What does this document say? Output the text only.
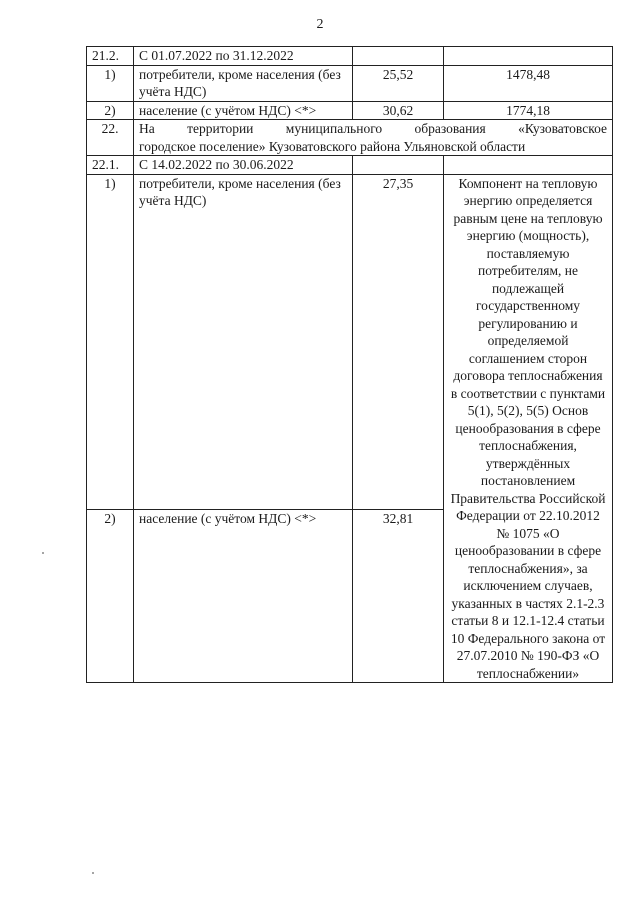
2
21.2.	С 01.07.2022 по 31.12.2022		
1)	потребители, кроме населения (без учёта НДС)	25,52	1478,48
2)	население (с учётом НДС) <*>	30,62	1774,18
22.	На территории муниципального образования «Кузоватовское
городское поселение» Кузоватовского района Ульяновской области		

22.1.	С 14.02.2022 по 30.06.2022		
1)	потребители, кроме населения (без учёта НДС)	27,35	Компонент на тепловую энергию определяется равным цене на тепловую энергию (мощность), поставляемую потребителям, не подлежащей государственному регулированию и определяемой соглашением сторон договора теплоснабжения в соответствии с пунктами 5(1), 5(2), 5(5) Основ ценообразования в сфере теплоснабжения, утверждённых постановлением Правительства Российской Федерации от 22.10.2012 № 1075 «О ценообразовании в сфере теплоснабжения», за исключением случаев, указанных в частях 2.1-2.3 статьи 8 и 12.1-12.4 статьи 10 Федерального закона от 27.07.2010 № 190-ФЗ «О теплоснабжении»
2)	население (с учётом НДС) <*>	32,81	
